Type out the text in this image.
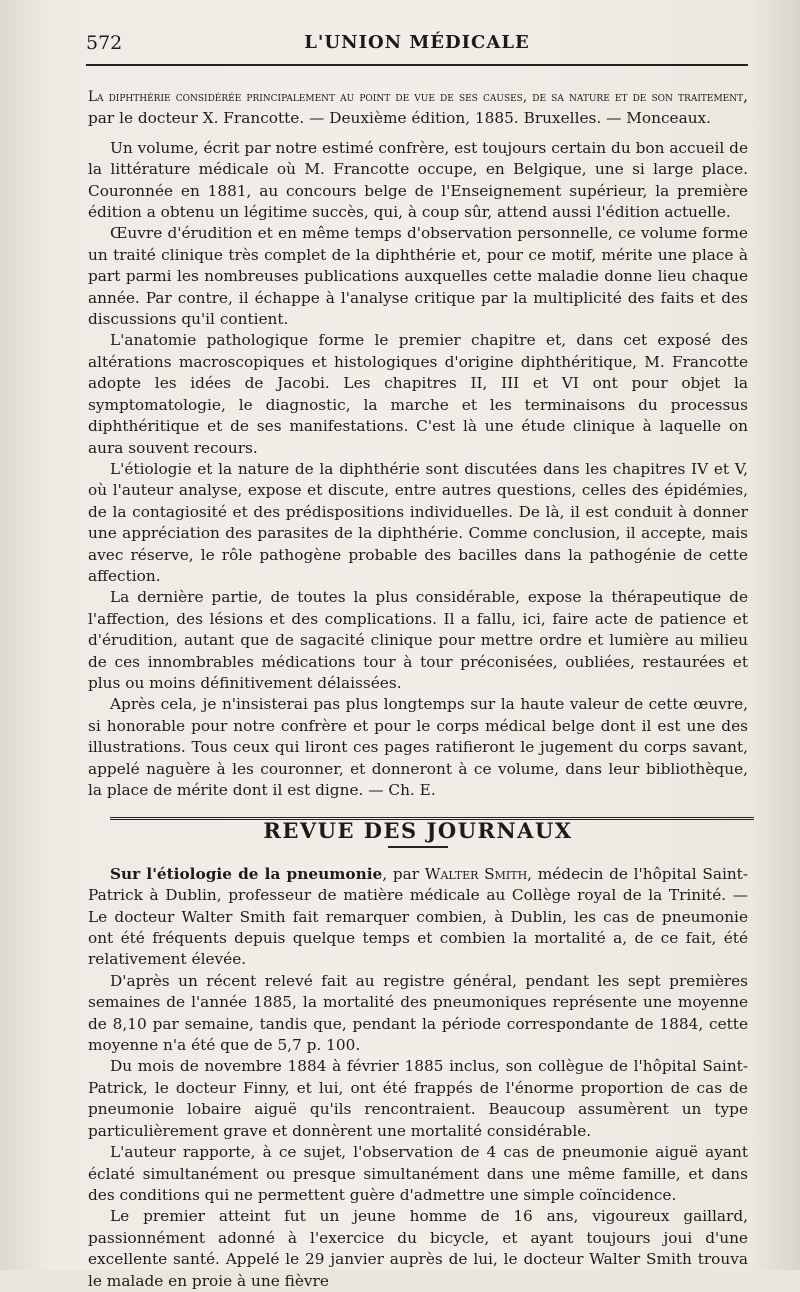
572	L'UNION MÉDICALE

La diphthérie considérée principalement au point de vue de ses causes, de sa nature et de son traitement, par le docteur X. Francotte. — Deuxième édition, 1885. Bruxelles. — Monceaux.

Un volume, écrit par notre estimé confrère, est toujours certain du bon accueil de la littérature médicale où M. Francotte occupe, en Belgique, une si large place. Couronnée en 1881, au concours belge de l'Enseignement supérieur, la première édition a obtenu un légitime succès, qui, à coup sûr, attend aussi l'édition actuelle.

Œuvre d'érudition et en même temps d'observation personnelle, ce volume forme un traité clinique très complet de la diphthérie et, pour ce motif, mérite une place à part parmi les nombreuses publications auxquelles cette maladie donne lieu chaque année. Par contre, il échappe à l'analyse critique par la multiplicité des faits et des discussions qu'il contient.

L'anatomie pathologique forme le premier chapitre et, dans cet exposé des altérations macroscopiques et histologiques d'origine diphthéritique, M. Francotte adopte les idées de Jacobi. Les chapitres II, III et VI ont pour objet la symptomatologie, le diagnostic, la marche et les terminaisons du processus diphthéritique et de ses manifestations. C'est là une étude clinique à laquelle on aura souvent recours.

L'étiologie et la nature de la diphthérie sont discutées dans les chapitres IV et V, où l'auteur analyse, expose et discute, entre autres questions, celles des épidémies, de la contagiosité et des prédispositions individuelles. De là, il est conduit à donner une appréciation des parasites de la diphthérie. Comme conclusion, il accepte, mais avec réserve, le rôle pathogène probable des bacilles dans la pathogénie de cette affection.

La dernière partie, de toutes la plus considérable, expose la thérapeutique de l'affection, des lésions et des complications. Il a fallu, ici, faire acte de patience et d'érudition, autant que de sagacité clinique pour mettre ordre et lumière au milieu de ces innombrables médications tour à tour préconisées, oubliées, restaurées et plus ou moins définitivement délaissées.

Après cela, je n'insisterai pas plus longtemps sur la haute valeur de cette œuvre, si honorable pour notre confrère et pour le corps médical belge dont il est une des illustrations. Tous ceux qui liront ces pages ratifieront le jugement du corps savant, appelé naguère à les couronner, et donneront à ce volume, dans leur bibliothèque, la place de mérite dont il est digne. — Ch. E.

REVUE DES JOURNAUX

Sur l'étiologie de la pneumonie, par Walter Smith, médecin de l'hôpital Saint-Patrick à Dublin, professeur de matière médicale au Collège royal de la Trinité. — Le docteur Walter Smith fait remarquer combien, à Dublin, les cas de pneumonie ont été fréquents depuis quelque temps et combien la mortalité a, de ce fait, été relativement élevée.

D'après un récent relevé fait au registre général, pendant les sept premières semaines de l'année 1885, la mortalité des pneumoniques représente une moyenne de 8,10 par semaine, tandis que, pendant la période correspondante de 1884, cette moyenne n'a été que de 5,7 p. 100.

Du mois de novembre 1884 à février 1885 inclus, son collègue de l'hôpital Saint-Patrick, le docteur Finny, et lui, ont été frappés de l'énorme proportion de cas de pneumonie lobaire aiguë qu'ils rencontraient. Beaucoup assumèrent un type particulièrement grave et donnèrent une mortalité considérable.

L'auteur rapporte, à ce sujet, l'observation de 4 cas de pneumonie aiguë ayant éclaté simultanément ou presque simultanément dans une même famille, et dans des conditions qui ne permettent guère d'admettre une simple coïncidence.

Le premier atteint fut un jeune homme de 16 ans, vigoureux gaillard, passionnément adonné à l'exercice du bicycle, et ayant toujours joui d'une excellente santé. Appelé le 29 janvier auprès de lui, le docteur Walter Smith trouva le malade en proie à une fièvre
